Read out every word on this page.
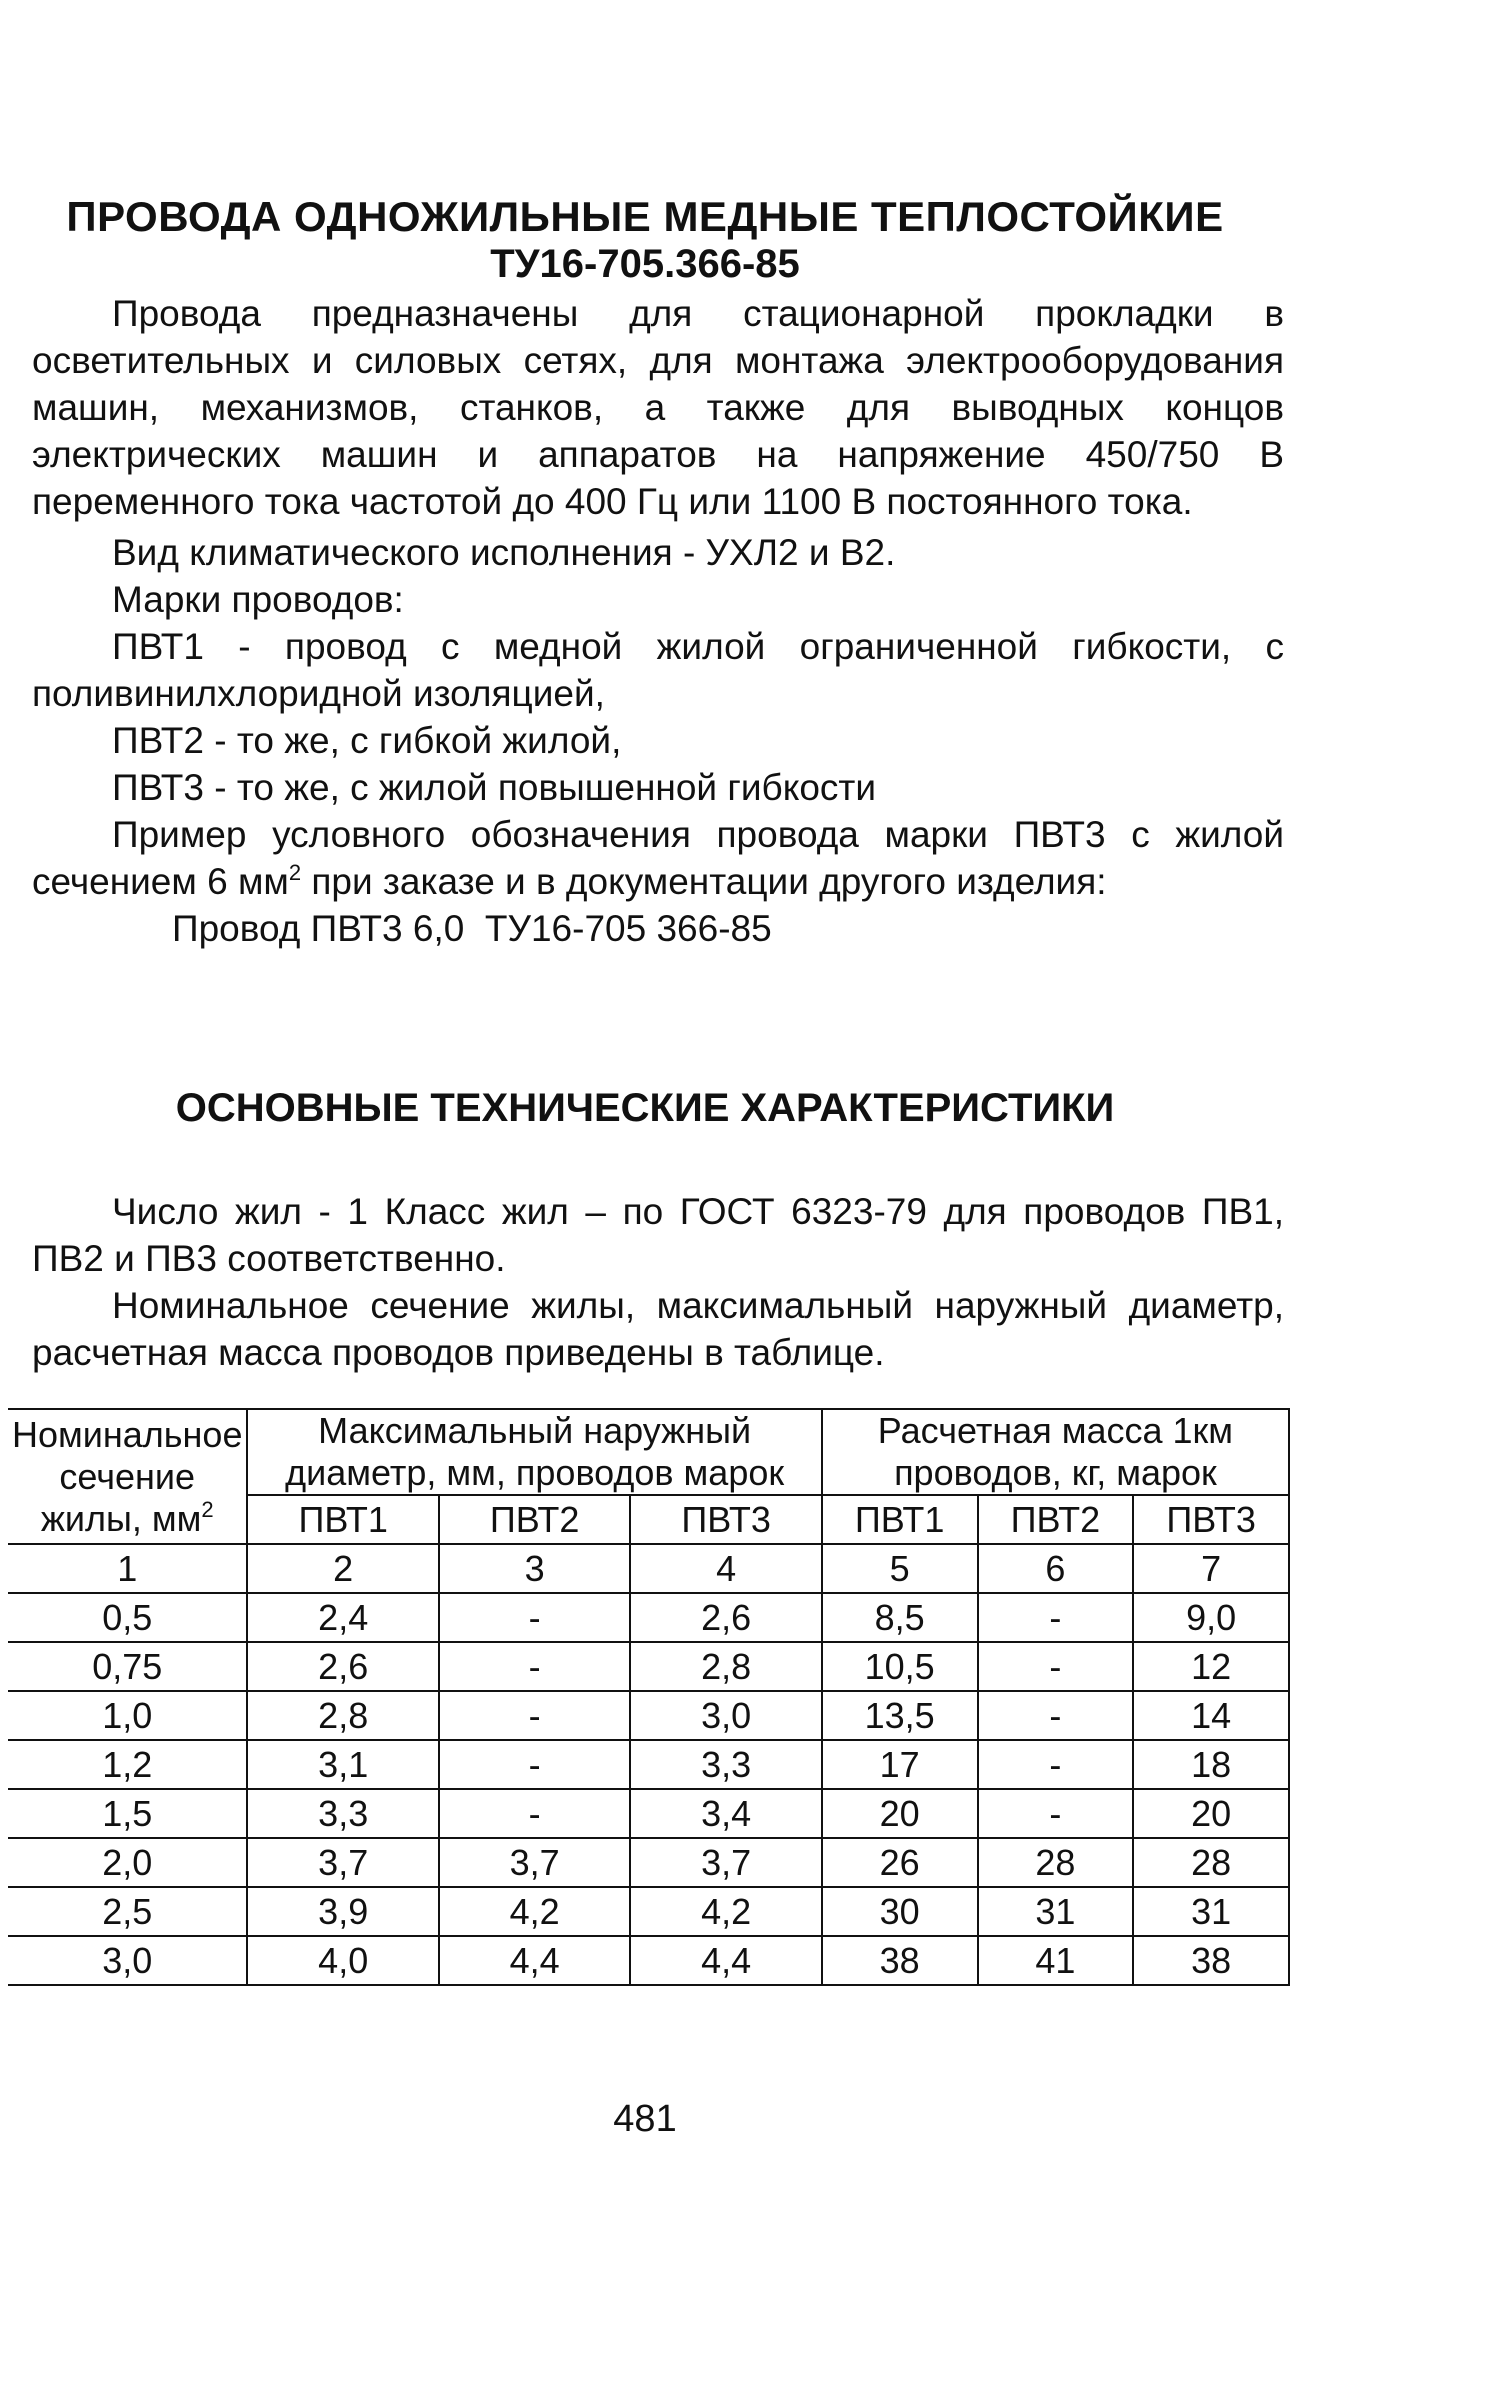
ПРОВОДА ОДНОЖИЛЬНЫЕ МЕДНЫЕ ТЕПЛОСТОЙКИЕ
ТУ16-705.366-85

Провода предназначены для стационарной прокладки в осветительных и силовых сетях, для монтажа электрооборудования машин, механизмов, станков, а также для выводных концов электрических машин и аппаратов на напряжение 450/750 В переменного тока частотой до 400 Гц или 1100 В постоянного тока.

Вид климатического исполнения - УХЛ2 и В2.

Марки проводов:

ПВТ1 - провод с медной жилой ограниченной гибкости, с поливинилхлоридной изоляцией,

ПВТ2 - то же, с гибкой жилой,

ПВТ3 - то же, с жилой повышенной гибкости

Пример условного обозначения провода марки ПВТ3 с жилой сечением 6 $мм^2$ при заказе и в документации другого изделия:

Провод ПВТ3 6,0  ТУ16-705 366-85

ОСНОВНЫЕ ТЕХНИЧЕСКИЕ ХАРАКТЕРИСТИКИ

Число жил - 1 Класс жил – по ГОСТ 6323-79 для проводов ПВ1, ПВ2 и ПВ3 соответственно.

Номинальное сечение жилы, максимальный наружный диаметр, расчетная масса проводов приведены в таблице.

Номинальное сечение жилы, $мм^2$	Максимальный наружный диаметр, мм, проводов марок			Расчетная масса 1км проводов, кг, марок		
	ПВТ1	ПВТ2	ПВТ3	ПВТ1	ПВТ2	ПВТ3
1	2	3	4	5	6	7
0,5	2,4	-	2,6	8,5	-	9,0
0,75	2,6	-	2,8	10,5	-	12
1,0	2,8	-	3,0	13,5	-	14
1,2	3,1	-	3,3	17	-	18
1,5	3,3	-	3,4	20	-	20
2,0	3,7	3,7	3,7	26	28	28
2,5	3,9	4,2	4,2	30	31	31
3,0	4,0	4,4	4,4	38	41	38
481
